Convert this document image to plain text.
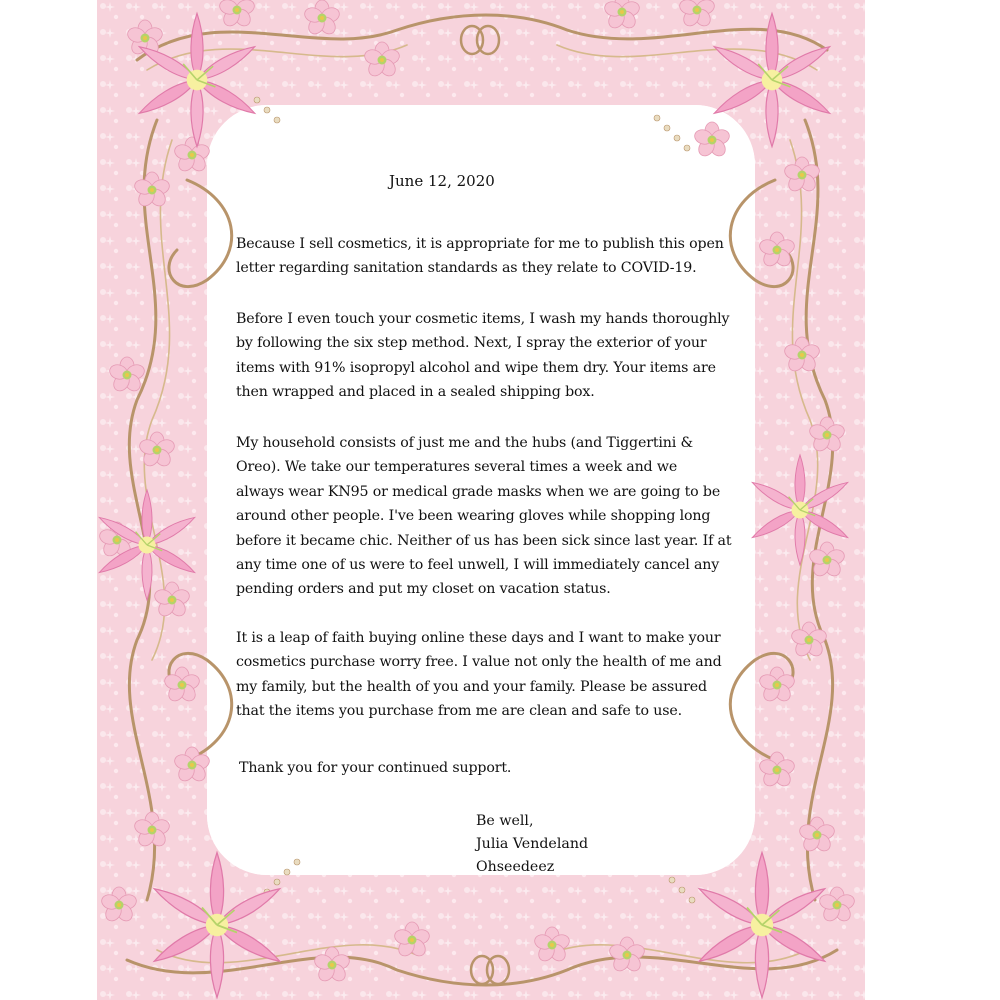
June 12, 2020

Because I sell cosmetics, it is appropriate for me to publish this open
letter regarding sanitation standards as they relate to COVID-19.

Before I even touch your cosmetic items, I wash my hands thoroughly
by following the six step method. Next, I spray the exterior of your
items with 91% isopropyl alcohol and wipe them dry. Your items are
then wrapped and placed in a sealed shipping box.

My household consists of just me and the hubs (and Tiggertini &
Oreo). We take our temperatures several times a week and we
always wear KN95 or medical grade masks when we are going to be
around other people. I've been wearing gloves while shopping long
before it became chic. Neither of us has been sick since last year. If at
any time one of us were to feel unwell, I will immediately cancel any
pending orders and put my closet on vacation status.

It is a leap of faith buying online these days and I want to make your
cosmetics purchase worry free. I value not only the health of me and
my family, but the health of you and your family. Please be assured
that the items you purchase from me are clean and safe to use.

Thank you for your continued support.

Be well,
Julia Vendeland
Ohseedeez
